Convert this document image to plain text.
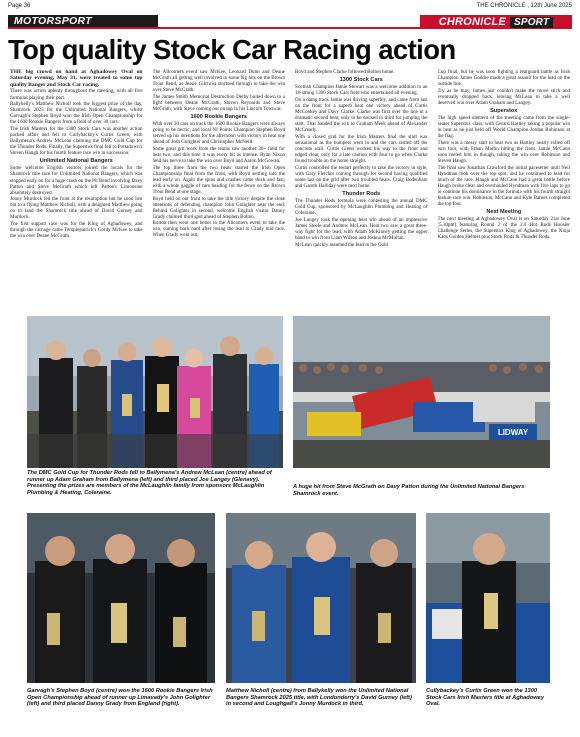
Page 36	THE CHRONICLE , 12th June 2025
MOTORSPORT	CHRONICLE SPORT
Top quality Stock Car Racing action

THE big crowd on hand at Aghadowey Oval on Saturday evening, May 31, were treated to some top quality Banger and Stock Car racing.

There was action aplenty throughout the meeting, with all five formulas playing their part.

Ballykelly's Matthew Nicholl took the biggest prize of the day, Shamrock 2025 for the Unlimited National Bangers, whilst Garvagh's Stephen Boyd won the Irish Open Championship for the 1600 Rookie Bangers from a field of over 30 cars.

The Irish Masters for the 1300 Stock Cars was another action packed affair and fell to Cullybackey's Curtis Green, with Ballymena's Andrew McLean claiming the DMC Gold Cup for the Thunder Rods. Finally, the Superstox final fell to Portadown's Steven Haugh for his fourth feature race win in succession.

Unlimited National Bangers

Some welcome English visitors joined the locals for the Shamrock title race for Unlimited National Bangers, which was stopped early on for a huge crash on the Pit Bend involving Davy Patton and Steve McGrath which left Patton's Limousine absolutely destroyed.

Jonny Murdock led the front at the resumption but he soon lost out to a flying Matthew Nicholl, with a delighted Matthew going on to land the Shamrock title ahead of David Gurney and Murdock.

The first support race was for the King of Aghadowey, and through the carnage came Templepatrick's Gordy McKee to take the win over Deane McGrath.

The Allcomers event saw McKee, Leonard Dunn and Deane McGrath all getting well involved in some big hits on the Brown Trout Bend, as Jessie Gilchrist stormed through to take the win over Steve McGrath.

The James Smith Memorial Destruction Derby boiled down to a fight between Deane McGrath, Steven Reynolds and Steve McGrath, with Steve coming out on top in his Lincoln Towncar.

1600 Rookie Bangers

With over 30 cars on track the 1600 Rookie Bangers were always going to be hectic, and local NI Points Champion Stephen Boyd served up his intentions for the afternoon with victory in heat one ahead of Josh Golighter and Christopher McNeill.

Some great grit work from the teams saw another 30+ field for heat two, and this time it was every bit as intense. Ryan Nixon held his nerve to take the win over Boyd and Aaron McGowan.

The top three from the two heats started the Irish Open Championship final from the front, with Boyd settling into the lead early on. Again the spins and crashes came thick and fast, with a whole gaggle of cars heading for the fence on the Brown Trout Bend at one stage.

Boyd held on out front to take the title victory despite the close attentions of defending champion John Golighter near the end. Behind Golighter in second, welcome English visitor Danny Grady claimed third spot ahead of Stephen Bolton.

Bolton then went one better in the Allcomers event to take the win, coming back hard after losing the lead to Grady mid race. When Grady went out,

Boyd and Stephen Clarke followed Bolton home.

1300 Stock Cars

Scottish Champion Jamie Stewart was a welcome addition to an 18-strong 1300 Stock Cars field who entertained all evening.

On a damp track Jamie was driving superbly, and came from last on the front for a superb heat one victory ahead of Curtis McConkey and Davy Clarke. Clarke was first over the line in a dramatic second heat, only to be docked to third for jumping the start. That handed the win to Graham Meek ahead of Alexander McCready.

With a closed grid for the Irish Masters final the start was sensational as the bumpers went in and the cars rattled off the concrete wall. Curtis Green worked his way to the front and edged clear, only for a late caution with four to go when Clarke found trouble on the home straight.

Curtis controlled the restart perfectly to take the victory in style, with Gary Fletcher coming through for second having qualified some last on the grid after two troubled heats. Craig Bodenham and Gareth Halliday were next home.

Thunder Rods

The Thunder Rods formula were contesting the annual DMC Gold Cup, sponsored by McLaughlin Plumbing and Heating of Coleraine.

Joe Langey took the opening heat win ahead of an impressive James Steele and Andrew McLean. Heat two saw a great three-way fight for the lead, with Adam McKinney getting the upper hand to win from Liam Wilson and Joshua McMullan.

McLean quickly assumed the lead in the Gold

Cup final, but he was soon fighting a rearguard battle as Irish Champion James Goddie made a great assault for the lead on the outside line.

Try as he may, James just couldn't make the move stick and eventually dropped back, leaving McLean to take a well deserved win over Adam Graham and Langey.

Superstox

The high speed element of the meeting came from the single-seater Superstox class, with Gerard Hartley taking a popular win in heat as he just held off World Champion Jordan Robinson at the flag.

There was a messy start to heat two as Hartley nearly rolled off turn four, with Ethan Martin hitting the front. Jamie McCann soon reeled him in though, taking the win over Robinson and Steven Haugh.

The final saw Jonathan Crawford the initial pacesetter until Neil Hyndman took over the top spot, and he continued to lead for much of the race. Haugh and McCann had a great battle before Haugh broke clear and overhauled Hyndman with five laps to go to continue his dominance in the formula with his fourth straight feature race win. Robinson, McCann and Kyle Barnes completed the top four.

Next Meeting

The next meeting at Aghadowey Oval is on Saturday 21st June (5.30pm) featuring Round 2 of the 2.0 Hot Rods Hoosier Challenge Series, the Superstox King of Aghadowey, the Ninja Kaos Golden Helmet plus Stock Rods & Thunder Rods.

The DMC Gold Cup for Thunder Rods fell to Ballymena's Andrew McLean (centre) ahead of runner up Adam Graham from Ballymena (left) and third placed Joe Langey (Glenavy). Presenting the prizes are members of the McLaughlin family from sponsors McLaughlin Plumbing & Heating, Coleraine.
LIDWAY
A huge hit from Steve McGrath on Davy Patton during the Unlimited National Bangers Shamrock event.
Garvagh's Stephen Boyd (centre) won the 1600 Rookie Bangers Irish Open Championship ahead of runner up Limavady's John Golighter (left) and third placed Danny Grady from England (right).
Matthew Nicholl (centre) from Ballykelly won the Unlimited National Bangers Shamrock 2025 title, with Londonderry's David Gurney (left) in second and Loughgall's Jonny Murdock in third.
Cullybackey's Curtis Green won the 1300 Stock Cars Irish Masters title at Aghadowey Oval.
